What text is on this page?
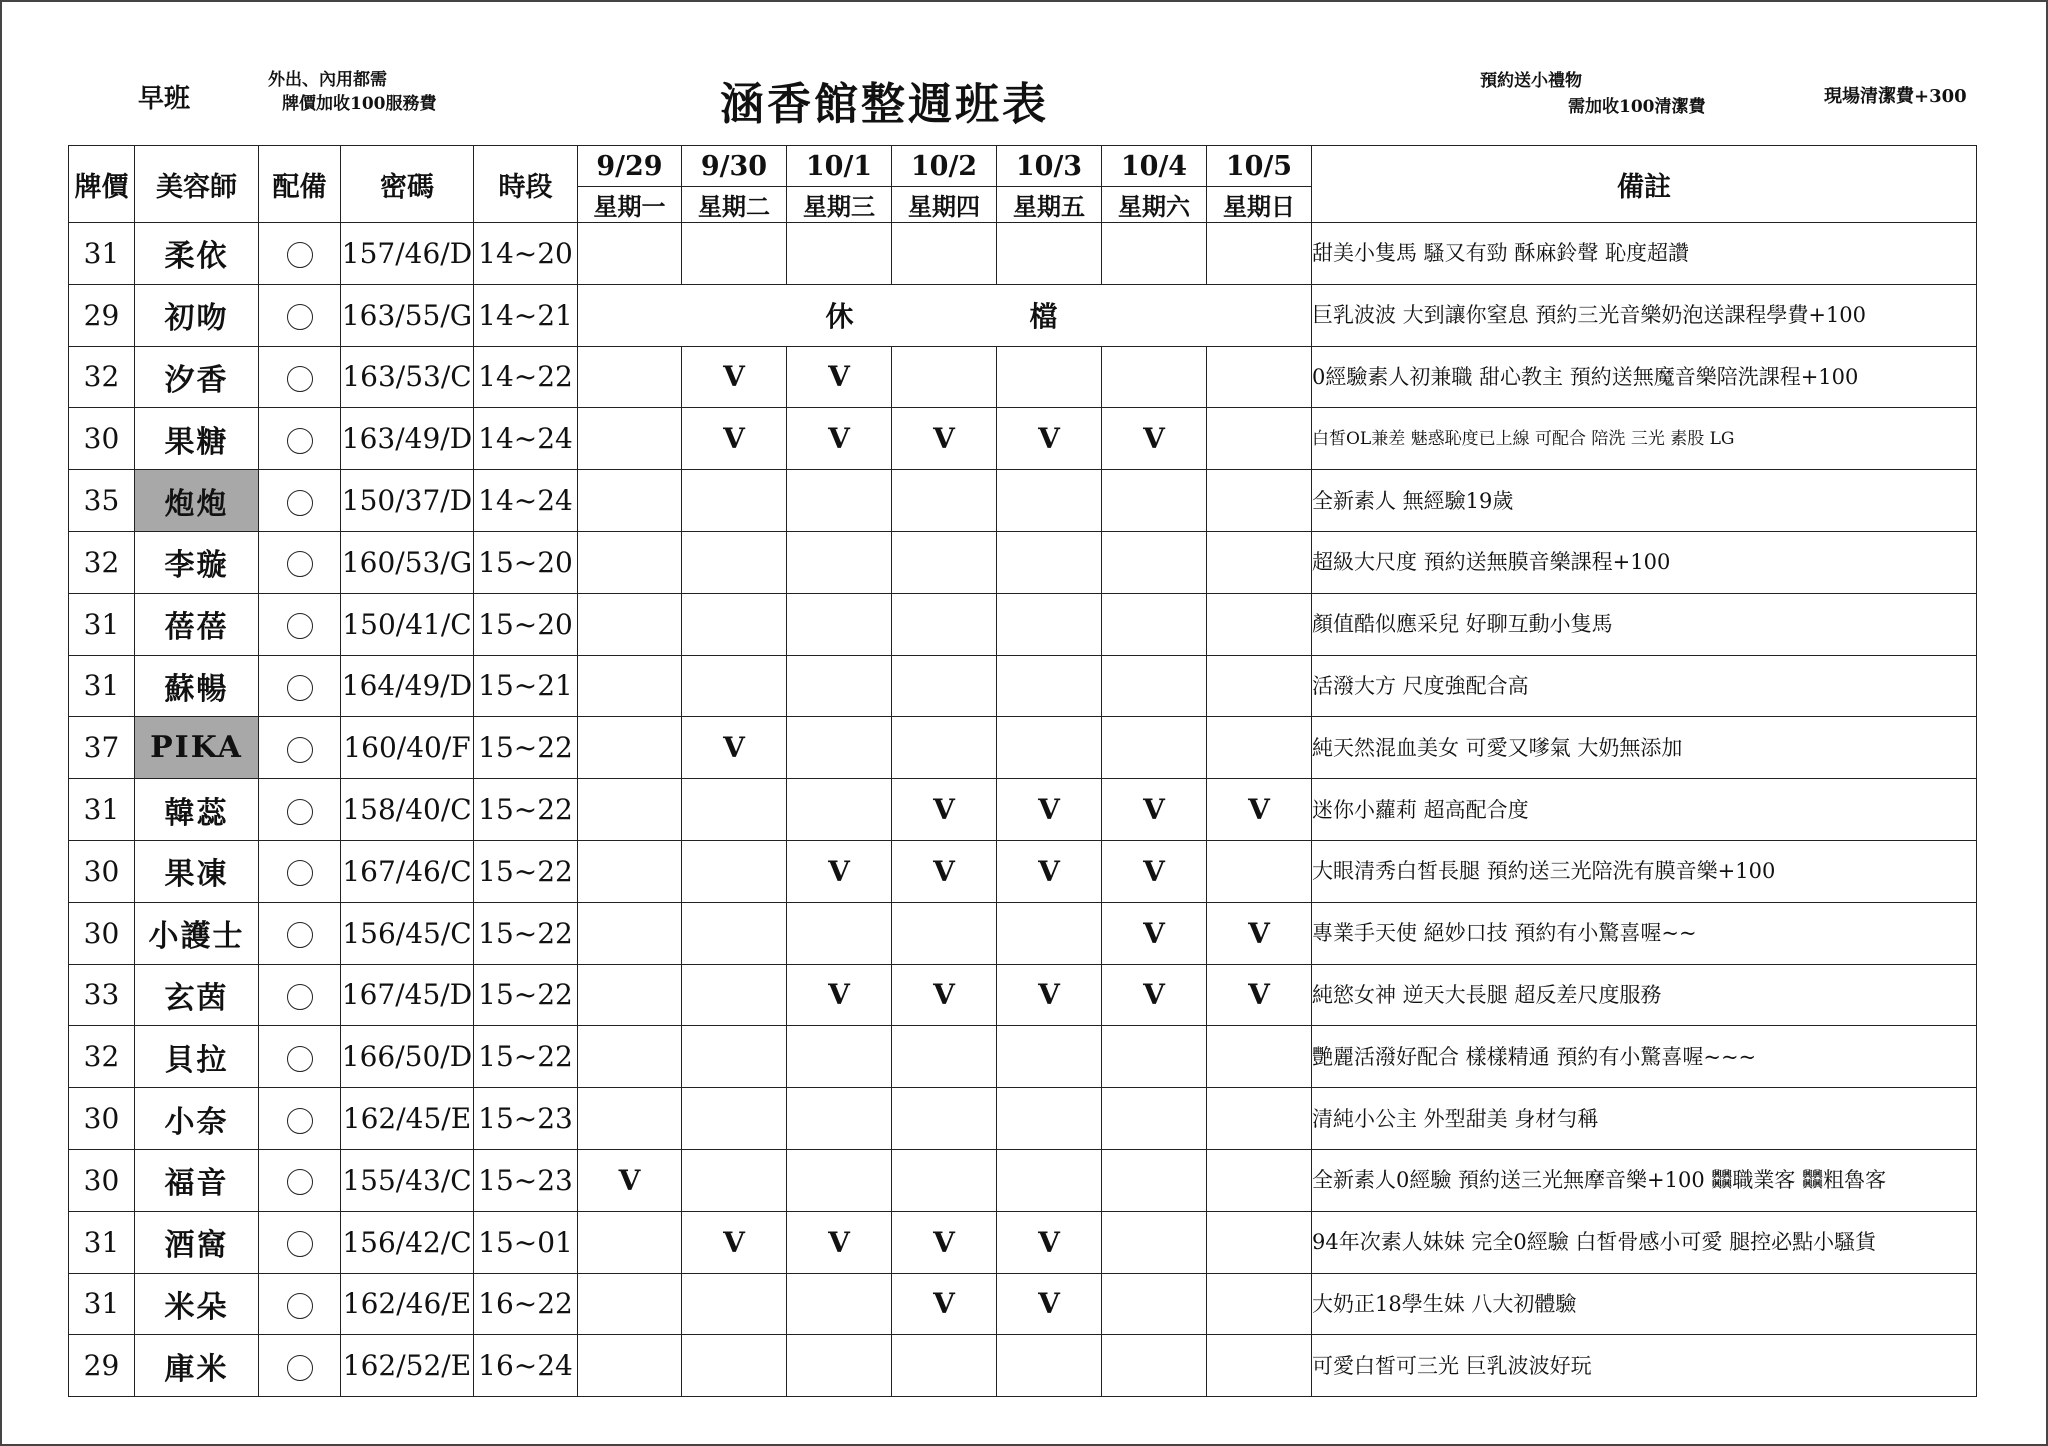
早班
外出、內用都需
牌價加收100服務費	涵香館整週班表	預約送小禮物
需加收100清潔費	現場清潔費+300
牌價	美容師	配備	密碼	時段	9/29	9/30	10/1	10/2	10/3	10/4	10/5	備註
					星期一	星期二	星期三	星期四	星期五	星期六	星期日	
31	柔依		157/46/D	14~20								甜美小隻馬 騷又有勁 酥麻鈴聲 恥度超讚
29	初吻		163/55/G	14~21	休 檔							巨乳波波 大到讓你窒息 預約三光音樂奶泡送課程學費+100
32	汐香		163/53/C	14~22		V	V					0經驗素人初兼職 甜心教主 預約送無魔音樂陪洗課程+100
30	果糖		163/49/D	14~24		V	V	V	V	V		白皙OL兼差 魅惑恥度已上線 可配合 陪洗 三光 素股 LG
35	炮炮		150/37/D	14~24								全新素人 無經驗19歲
32	李璇		160/53/G	15~20								超級大尺度 預約送無膜音樂課程+100
31	蓓蓓		150/41/C	15~20								顏值酷似應采兒 好聊互動小隻馬
31	蘇暢		164/49/D	15~21								活潑大方 尺度強配合高
37	PIKA		160/40/F	15~22		V						純天然混血美女 可愛又嗲氣 大奶無添加
31	韓蕊		158/40/C	15~22				V	V	V	V	迷你小蘿莉 超高配合度
30	果凍		167/46/C	15~22			V	V	V	V		大眼清秀白皙長腿 預約送三光陪洗有膜音樂+100
30	小護士		156/45/C	15~22						V	V	專業手天使 絕妙口技 預約有小驚喜喔~~
33	玄茵		167/45/D	15~22			V	V	V	V	V	純慾女神 逆天大長腿 超反差尺度服務
32	貝拉		166/50/D	15~22								艷麗活潑好配合 樣樣精通 預約有小驚喜喔~~~
30	小奈		162/45/E	15~23								清純小公主 外型甜美 身材勻稱
30	福音		155/43/C	15~23	V							全新素人0經驗 預約送三光無摩音樂+100 𠔻職業客 𠔻粗魯客
31	酒窩		156/42/C	15~01		V	V	V	V			94年次素人妹妹 完全0經驗 白皙骨感小可愛 腿控必點小騷貨
31	米朵		162/46/E	16~22				V	V			大奶正18學生妹 八大初體驗
29	庫米		162/52/E	16~24								可愛白皙可三光 巨乳波波好玩
